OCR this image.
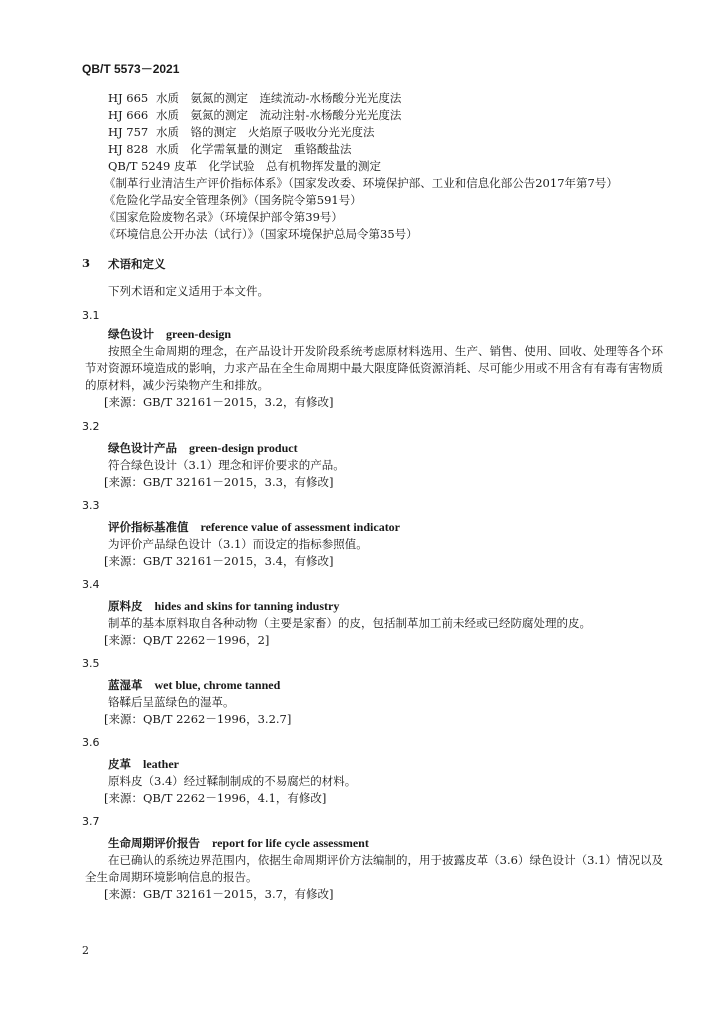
QB/T 5573－2021
HJ 665 水质　氨氮的测定　连续流动-水杨酸分光光度法
HJ 666 水质　氨氮的测定　流动注射-水杨酸分光光度法
HJ 757 水质　铬的测定　火焰原子吸收分光光度法
HJ 828 水质　化学需氧量的测定　重铬酸盐法
QB/T 5249 皮革　化学试验　总有机物挥发量的测定
《制革行业清洁生产评价指标体系》（国家发改委、环境保护部、工业和信息化部公告2017年第7号）
《危险化学品安全管理条例》（国务院令第591号）
《国家危险废物名录》（环境保护部令第39号）
《环境信息公开办法（试行）》（国家环境保护总局令第35号）
3 术语和定义
下列术语和定义适用于本文件。
3.1
绿色设计 green-design
按照全生命周期的理念，在产品设计开发阶段系统考虑原材料选用、生产、销售、使用、回收、处理等各个环节对资源环境造成的影响，力求产品在全生命周期中最大限度降低资源消耗、尽可能少用或不用含有有毒有害物质的原材料，减少污染物产生和排放。
[来源：GB/T 32161－2015，3.2，有修改]
3.2
绿色设计产品 green-design product
符合绿色设计（3.1）理念和评价要求的产品。
[来源：GB/T 32161－2015，3.3，有修改]
3.3
评价指标基准值 reference value of assessment indicator
为评价产品绿色设计（3.1）而设定的指标参照值。
[来源：GB/T 32161－2015，3.4，有修改]
3.4
原料皮 hides and skins for tanning industry
制革的基本原料取自各种动物（主要是家畜）的皮，包括制革加工前未经或已经防腐处理的皮。
[来源：QB/T 2262－1996，2]
3.5
蓝湿革 wet blue, chrome tanned
铬鞣后呈蓝绿色的湿革。
[来源：QB/T 2262－1996，3.2.7]
3.6
皮革 leather
原料皮（3.4）经过鞣制制成的不易腐烂的材料。
[来源：QB/T 2262－1996，4.1，有修改]
3.7
生命周期评价报告 report for life cycle assessment
在已确认的系统边界范围内，依据生命周期评价方法编制的，用于披露皮革（3.6）绿色设计（3.1）情况以及全生命周期环境影响信息的报告。
[来源：GB/T 32161－2015，3.7，有修改]
2
